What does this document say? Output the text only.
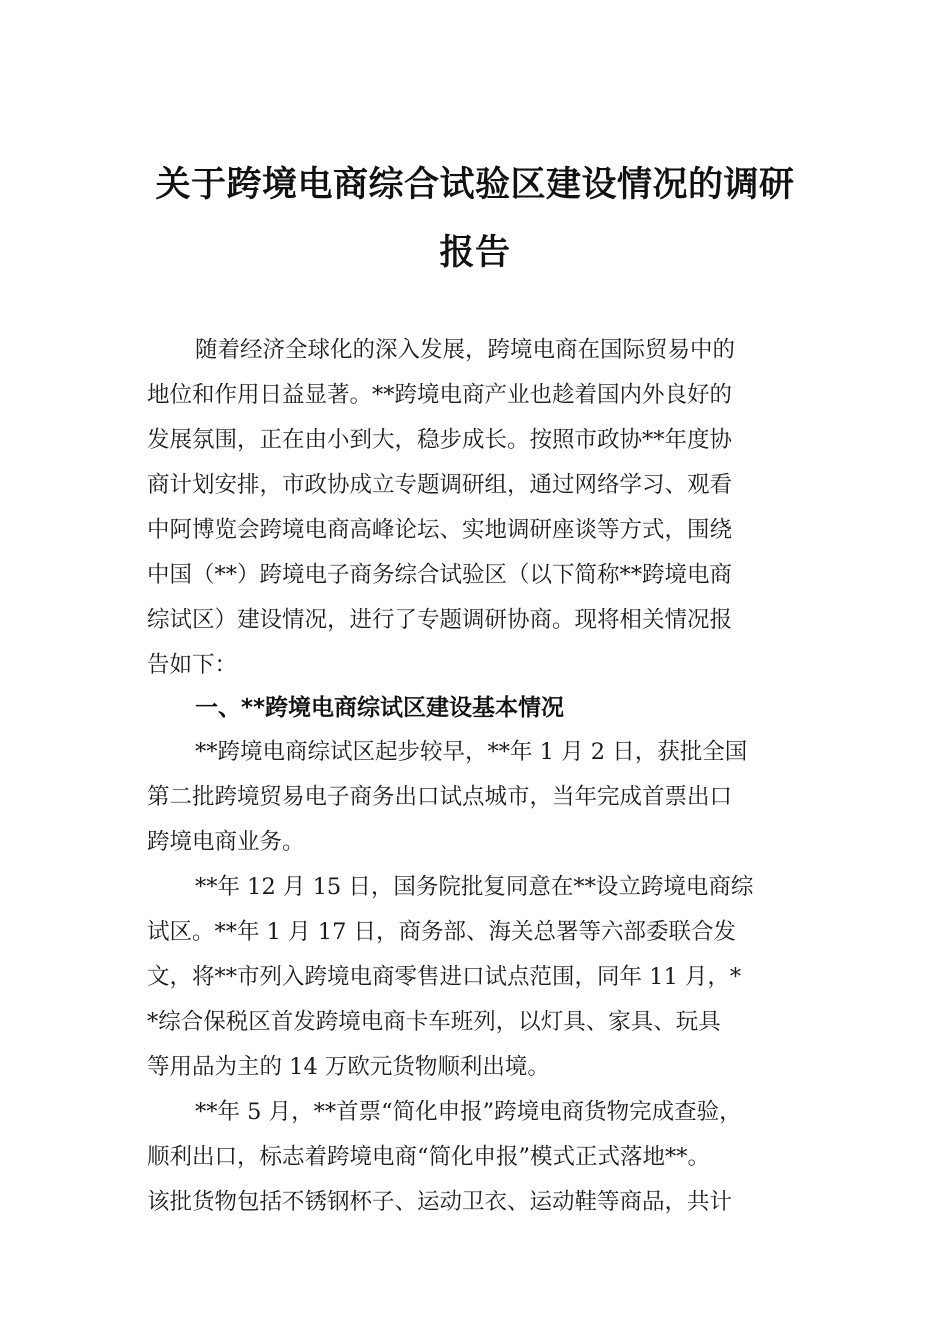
关于跨境电商综合试验区建设情况的调研
报告
随着经济全球化的深入发展，跨境电商在国际贸易中的
地位和作用日益显著。**跨境电商产业也趁着国内外良好的
发展氛围，正在由小到大，稳步成长。按照市政协**年度协
商计划安排，市政协成立专题调研组，通过网络学习、观看
中阿博览会跨境电商高峰论坛、实地调研座谈等方式，围绕
中国（**）跨境电子商务综合试验区（以下简称**跨境电商
综试区）建设情况，进行了专题调研协商。现将相关情况报
告如下：
一、**跨境电商综试区建设基本情况
**跨境电商综试区起步较早，**年 1 月 2 日，获批全国
第二批跨境贸易电子商务出口试点城市，当年完成首票出口
跨境电商业务。
**年 12 月 15 日，国务院批复同意在**设立跨境电商综
试区。**年 1 月 17 日，商务部、海关总署等六部委联合发
文，将**市列入跨境电商零售进口试点范围，同年 11 月，*
*综合保税区首发跨境电商卡车班列，以灯具、家具、玩具
等用品为主的 14 万欧元货物顺利出境。
**年 5 月，**首票“简化申报”跨境电商货物完成查验，
顺利出口，标志着跨境电商“简化申报”模式正式落地**。
该批货物包括不锈钢杯子、运动卫衣、运动鞋等商品，共计
